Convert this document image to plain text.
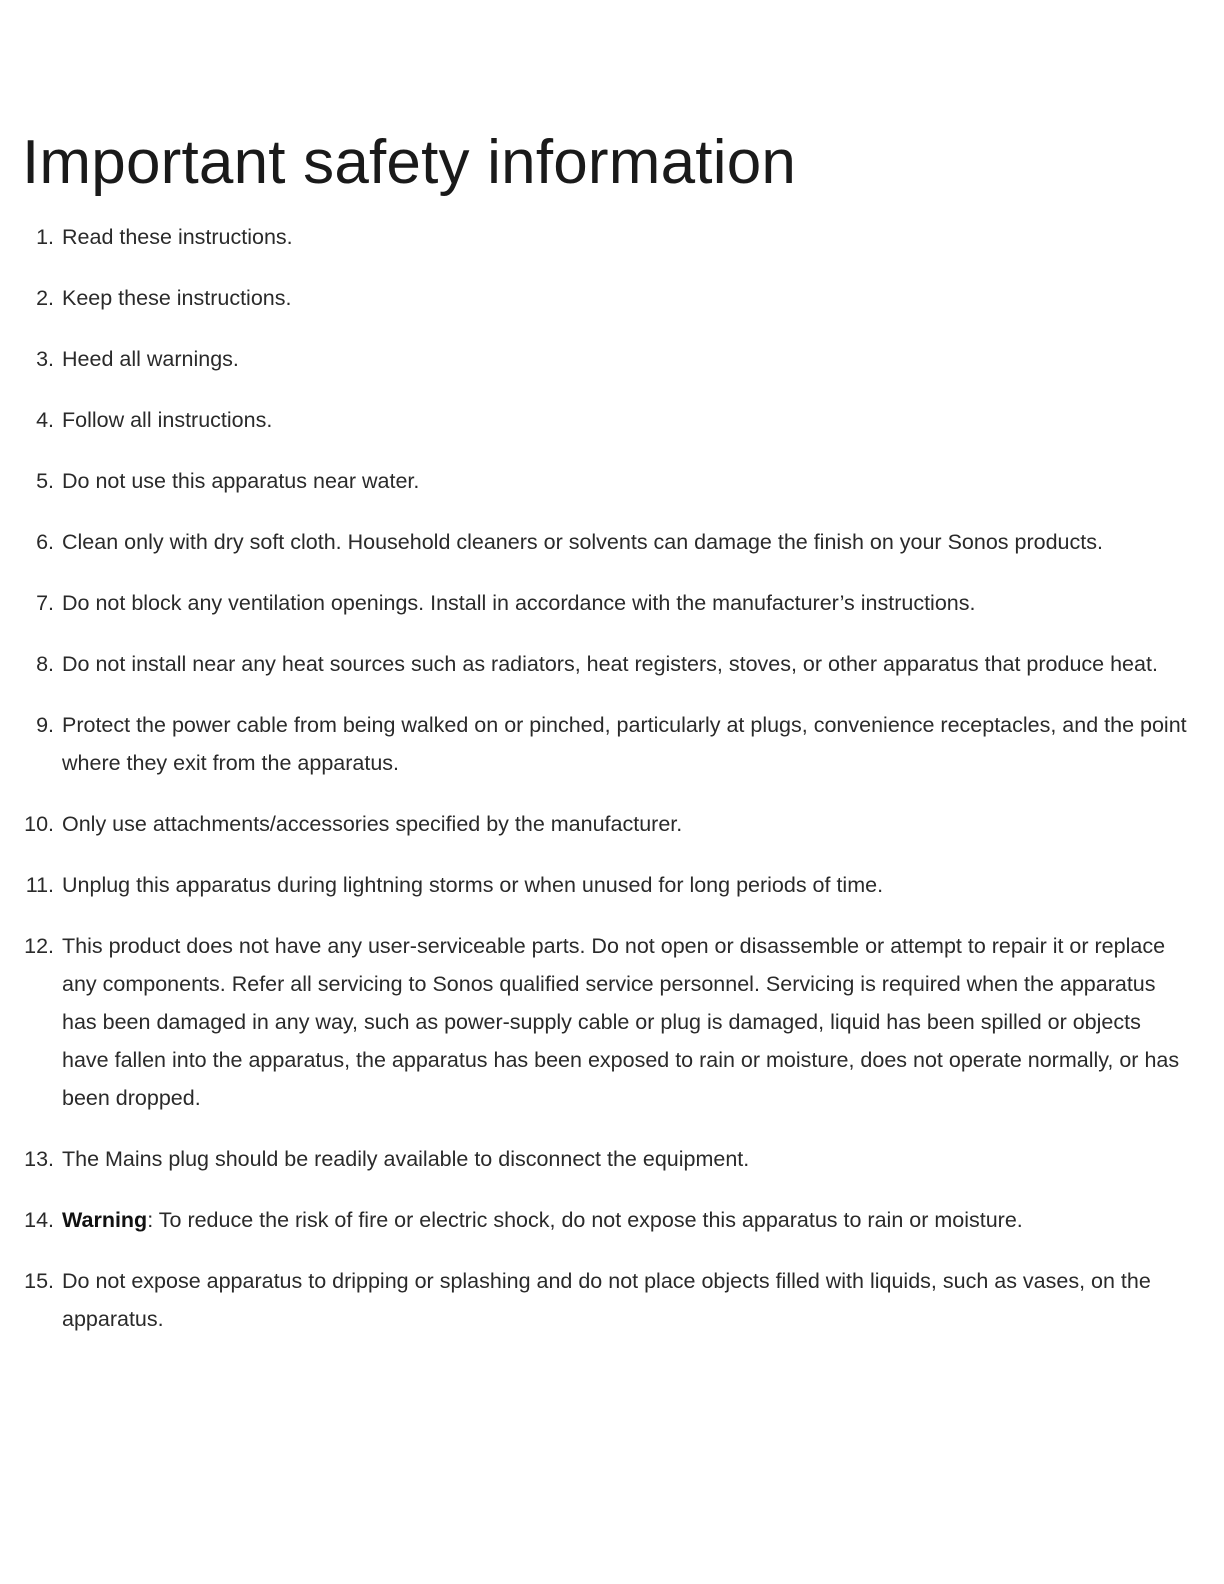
Important safety information
1. Read these instructions.
2. Keep these instructions.
3. Heed all warnings.
4. Follow all instructions.
5. Do not use this apparatus near water.
6. Clean only with dry soft cloth. Household cleaners or solvents can damage the finish on your Sonos products.
7. Do not block any ventilation openings. Install in accordance with the manufacturer’s instructions.
8. Do not install near any heat sources such as radiators, heat registers, stoves, or other apparatus that produce heat.
9. Protect the power cable from being walked on or pinched, particularly at plugs, convenience receptacles, and the point where they exit from the apparatus.
10. Only use attachments/accessories specified by the manufacturer.
11. Unplug this apparatus during lightning storms or when unused for long periods of time.
12. This product does not have any user-serviceable parts. Do not open or disassemble or attempt to repair it or replace any components. Refer all servicing to Sonos qualified service personnel. Servicing is required when the apparatus has been damaged in any way, such as power-supply cable or plug is damaged, liquid has been spilled or objects have fallen into the apparatus, the apparatus has been exposed to rain or moisture, does not operate normally, or has been dropped.
13. The Mains plug should be readily available to disconnect the equipment.
14. Warning: To reduce the risk of fire or electric shock, do not expose this apparatus to rain or moisture.
15. Do not expose apparatus to dripping or splashing and do not place objects filled with liquids, such as vases, on the apparatus.
